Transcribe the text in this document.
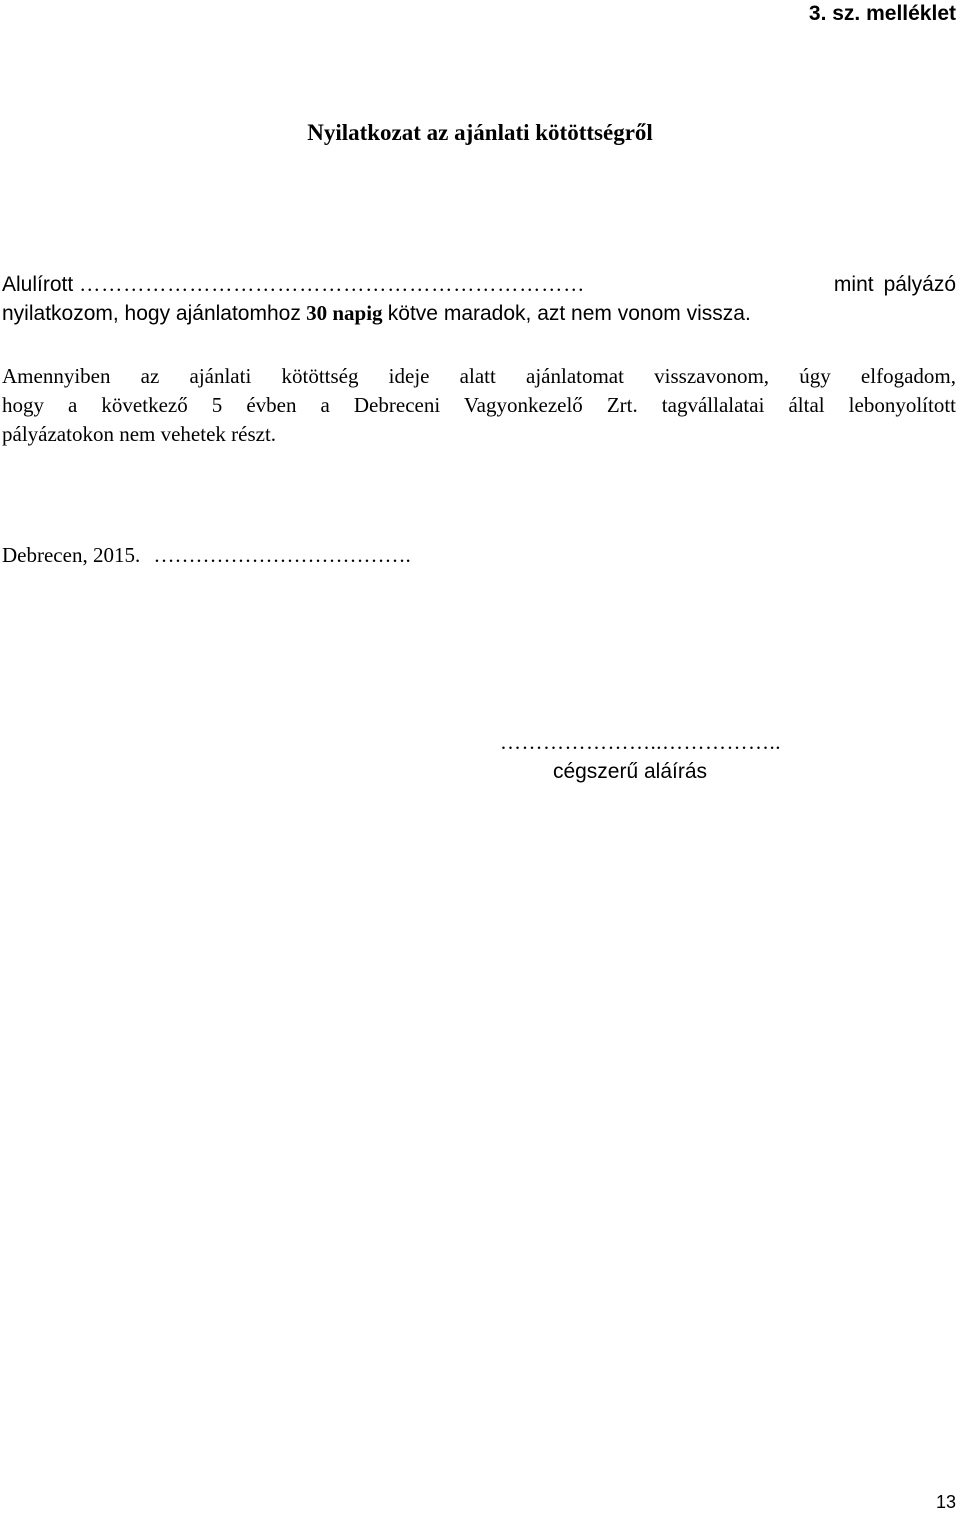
3. sz. melléklet
Nyilatkozat az ajánlati kötöttségről
Alulírott ……………………………………………………………	mint pályázó
nyilatkozom, hogy ajánlatomhoz 30 napig kötve maradok, azt nem vonom vissza.
Amennyiben az ajánlati kötöttség ideje alatt ajánlatomat visszavonom, úgy elfogadom,
hogy a következő 5 évben a Debreceni Vagyonkezelő Zrt. tagvállalatai által lebonyolított
pályázatokon nem vehetek részt.
Debrecen, 2015. ……………………………….
…………………..……………..
cégszerű aláírás
13
